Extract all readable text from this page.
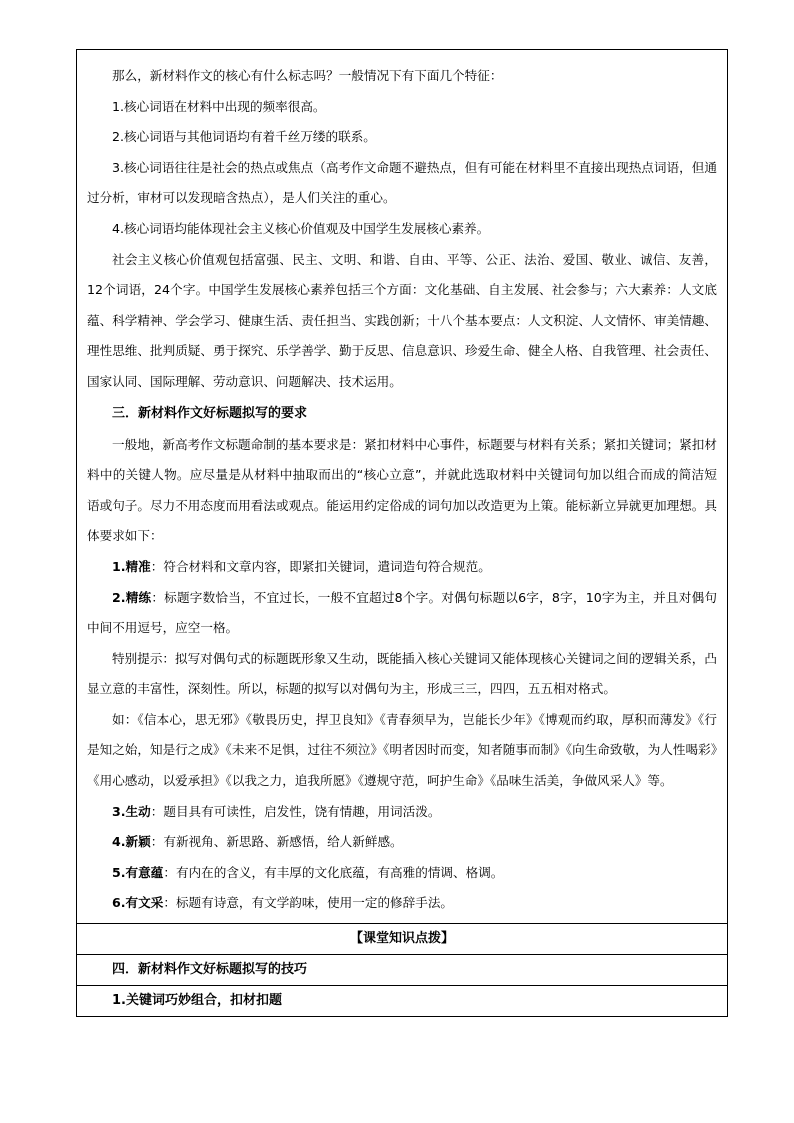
那么，新材料作文的核心有什么标志吗？一般情况下有下面几个特征：

1.核心词语在材料中出现的频率很高。

2.核心词语与其他词语均有着千丝万缕的联系。

3.核心词语往往是社会的热点或焦点（高考作文命题不避热点，但有可能在材料里不直接出现热点词语，但通过分析，审材可以发现暗含热点），是人们关注的重心。

4.核心词语均能体现社会主义核心价值观及中国学生发展核心素养。

社会主义核心价值观包括富强、民主、文明、和谐、自由、平等、公正、法治、爱国、敬业、诚信、友善，12个词语，24个字。中国学生发展核心素养包括三个方面：文化基础、自主发展、社会参与；六大素养：人文底蕴、科学精神、学会学习、健康生活、责任担当、实践创新；十八个基本要点：人文积淀、人文情怀、审美情趣、理性思维、批判质疑、勇于探究、乐学善学、勤于反思、信息意识、珍爱生命、健全人格、自我管理、社会责任、国家认同、国际理解、劳动意识、问题解决、技术运用。

三．新材料作文好标题拟写的要求

一般地，新高考作文标题命制的基本要求是：紧扣材料中心事件，标题要与材料有关系；紧扣关键词；紧扣材料中的关键人物。应尽量是从材料中抽取而出的“核心立意”，并就此选取材料中关键词句加以组合而成的简洁短语或句子。尽力不用态度而用看法或观点。能运用约定俗成的词句加以改造更为上策。能标新立异就更加理想。具体要求如下：

1.精准：符合材料和文章内容，即紧扣关键词，遣词造句符合规范。

2.精练：标题字数恰当，不宜过长，一般不宜超过8个字。对偶句标题以6字，8字，10字为主，并且对偶句中间不用逗号，应空一格。

特别提示：拟写对偶句式的标题既形象又生动，既能插入核心关键词又能体现核心关键词之间的逻辑关系，凸显立意的丰富性，深刻性。所以，标题的拟写以对偶句为主，形成三三，四四，五五相对格式。

如：《信本心，思无邪》《敬畏历史，捍卫良知》《青春须早为，岂能长少年》《博观而约取，厚积而薄发》《行是知之始，知是行之成》《未来不足惧，过往不须泣》《明者因时而变，知者随事而制》《向生命致敬，为人性喝彩》《用心感动，以爱承担》《以我之力，追我所愿》《遵规守范，呵护生命》《品味生活美，争做风采人》等。

3.生动：题目具有可读性，启发性，饶有情趣，用词活泼。

4.新颖：有新视角、新思路、新感悟，给人新鲜感。

5.有意蕴：有内在的含义，有丰厚的文化底蕴，有高雅的情调、格调。

6.有文采：标题有诗意，有文学韵味，使用一定的修辞手法。

【课堂知识点拨】

四．新材料作文好标题拟写的技巧

1.关键词巧妙组合，扣材扣题
